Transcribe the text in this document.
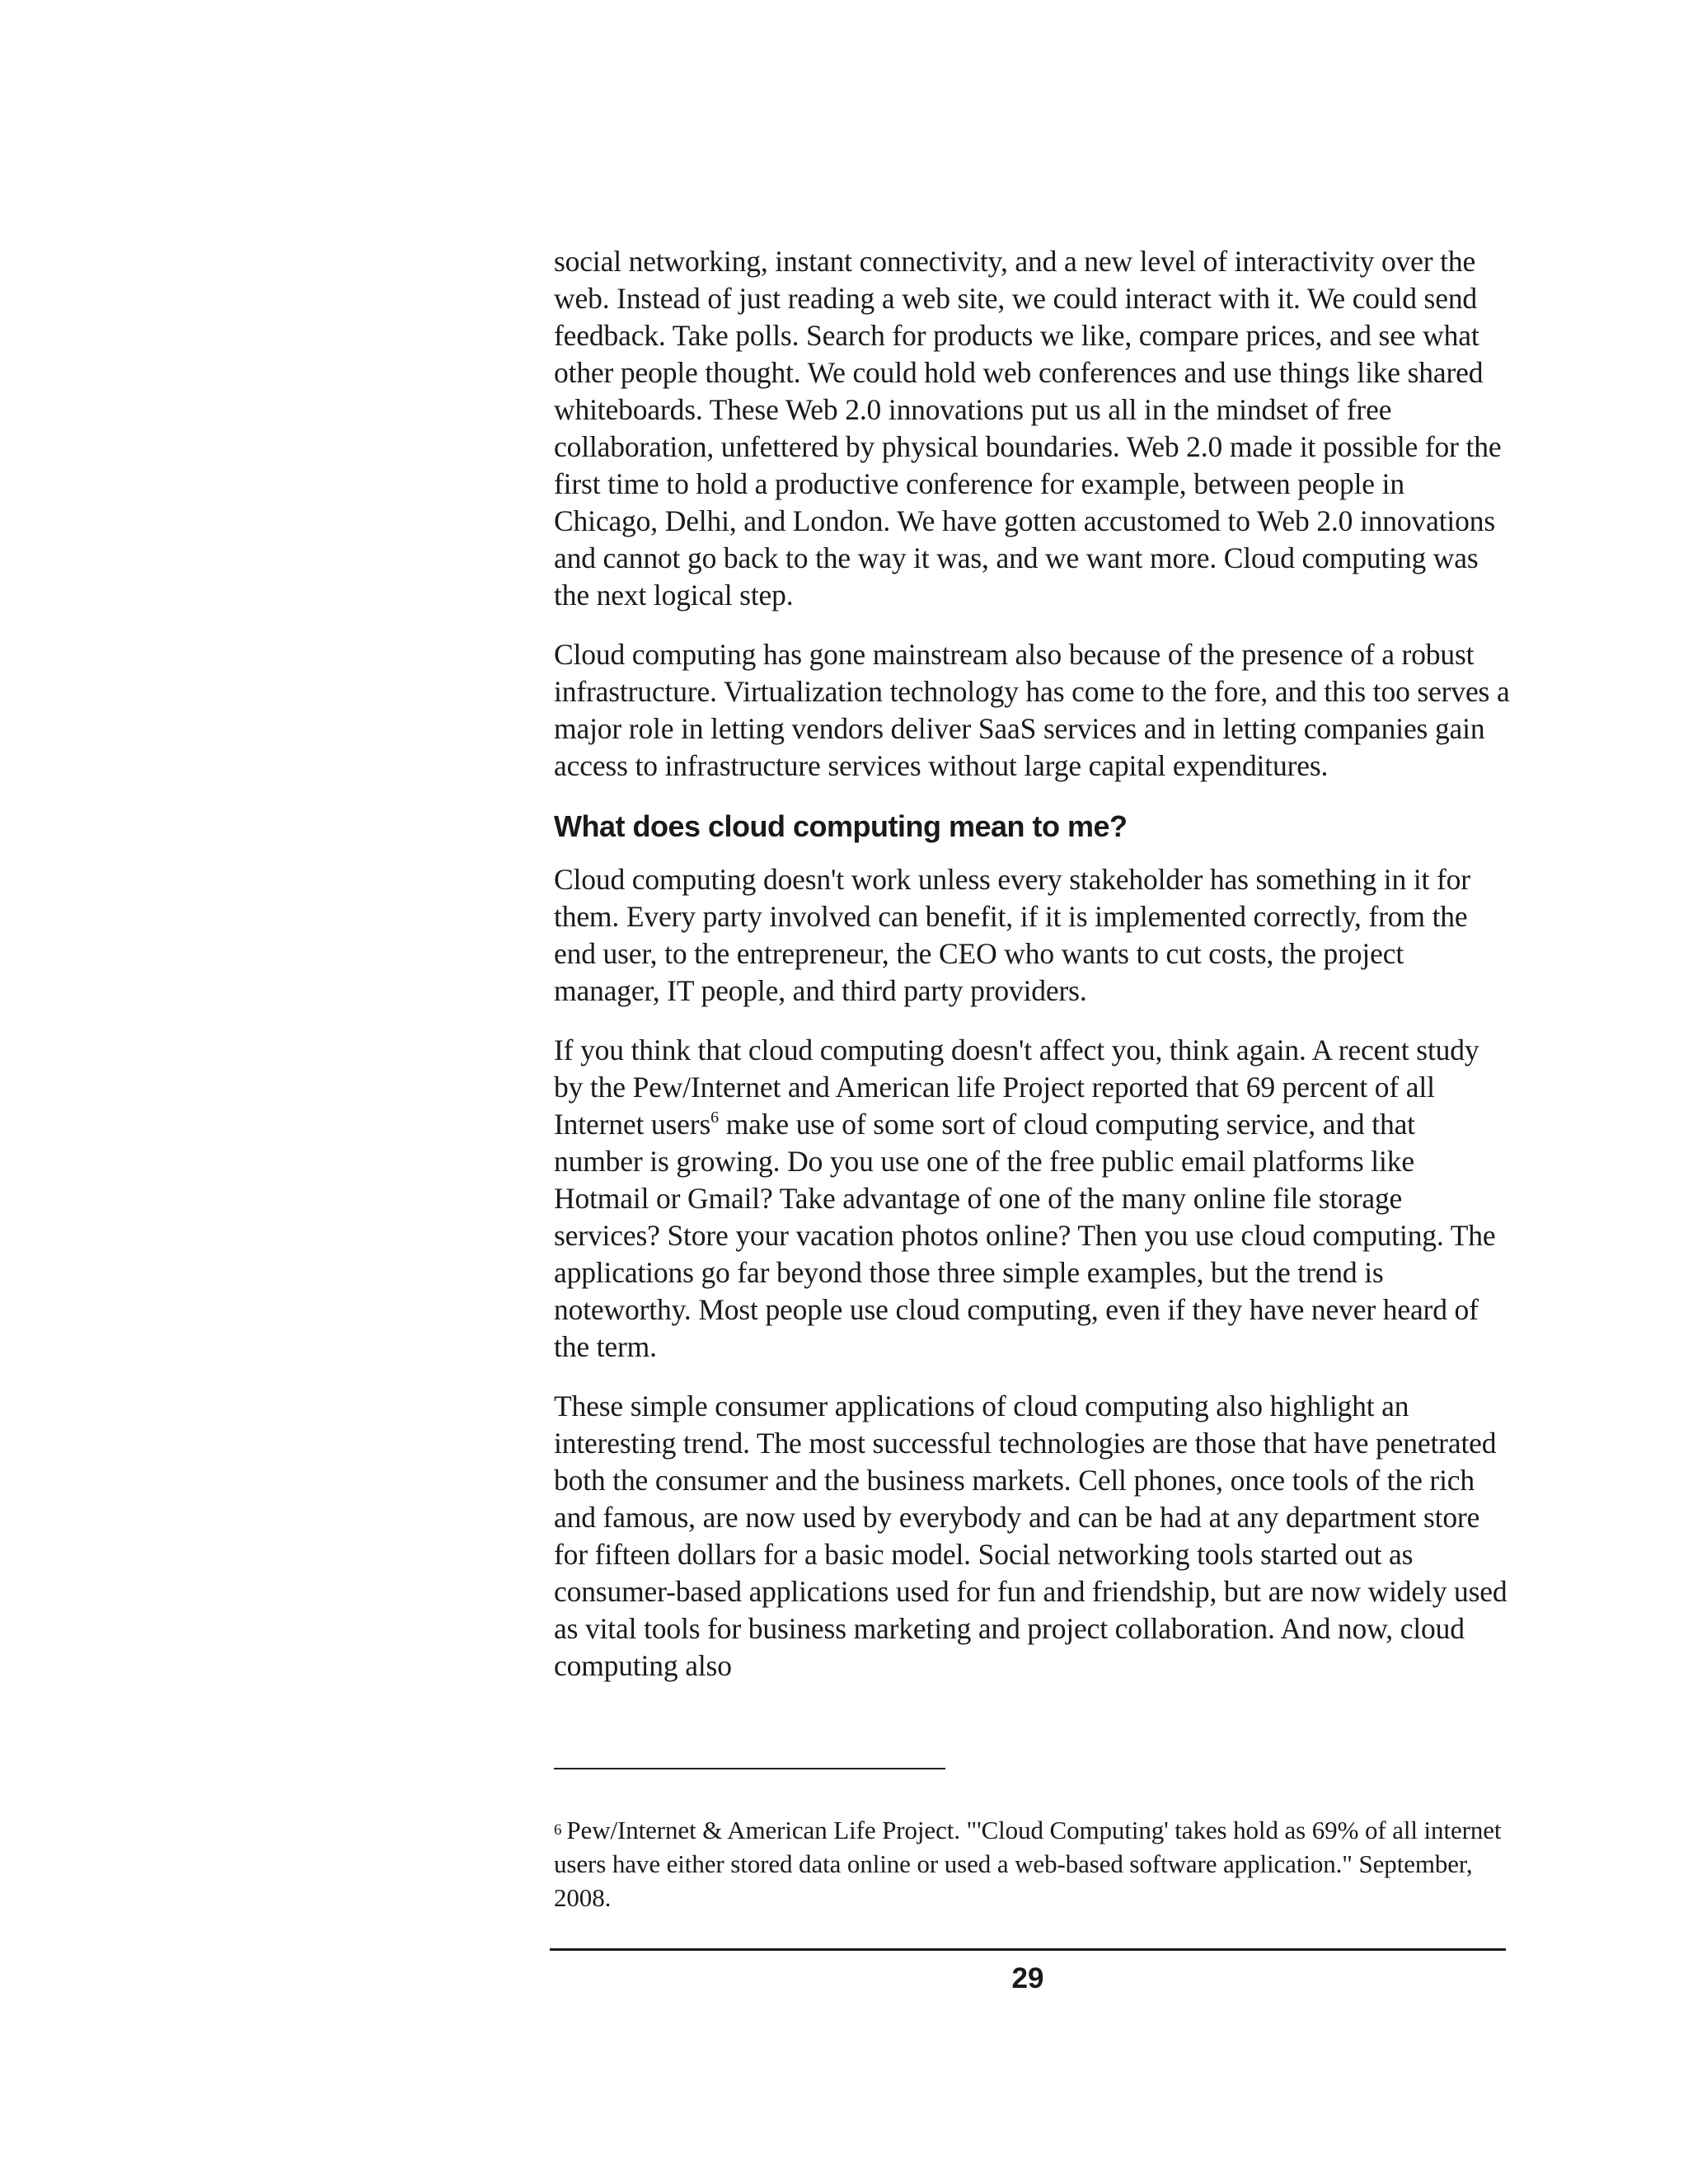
social networking, instant connectivity, and a new level of interactivity over the web. Instead of just reading a web site, we could interact with it. We could send feedback. Take polls. Search for products we like, compare prices, and see what other people thought. We could hold web conferences and use things like shared whiteboards. These Web 2.0 innovations put us all in the mindset of free collaboration, unfettered by physical boundaries. Web 2.0 made it possible for the first time to hold a productive conference for example, between people in Chicago, Delhi, and London. We have gotten accustomed to Web 2.0 innovations and cannot go back to the way it was, and we want more. Cloud computing was the next logical step.

Cloud computing has gone mainstream also because of the presence of a robust infrastructure. Virtualization technology has come to the fore, and this too serves a major role in letting vendors deliver SaaS services and in letting companies gain access to infrastructure services without large capital expenditures.

What does cloud computing mean to me?

Cloud computing doesn't work unless every stakeholder has something in it for them. Every party involved can benefit, if it is implemented correctly, from the end user, to the entrepreneur, the CEO who wants to cut costs, the project manager, IT people, and third party providers.

If you think that cloud computing doesn't affect you, think again. A recent study by the Pew/Internet and American life Project reported that 69 percent of all Internet users$^6$ make use of some sort of cloud computing service, and that number is growing. Do you use one of the free public email platforms like Hotmail or Gmail? Take advantage of one of the many online file storage services? Store your vacation photos online? Then you use cloud computing. The applications go far beyond those three simple examples, but the trend is noteworthy. Most people use cloud computing, even if they have never heard of the term.

These simple consumer applications of cloud computing also highlight an interesting trend. The most successful technologies are those that have penetrated both the consumer and the business markets. Cell phones, once tools of the rich and famous, are now used by everybody and can be had at any department store for fifteen dollars for a basic model. Social networking tools started out as consumer-based applications used for fun and friendship, but are now widely used as vital tools for business marketing and project collaboration. And now, cloud computing also

6 Pew/Internet & American Life Project. "'Cloud Computing' takes hold as 69% of all internet users have either stored data online or used a web-based software application." September, 2008.

29
